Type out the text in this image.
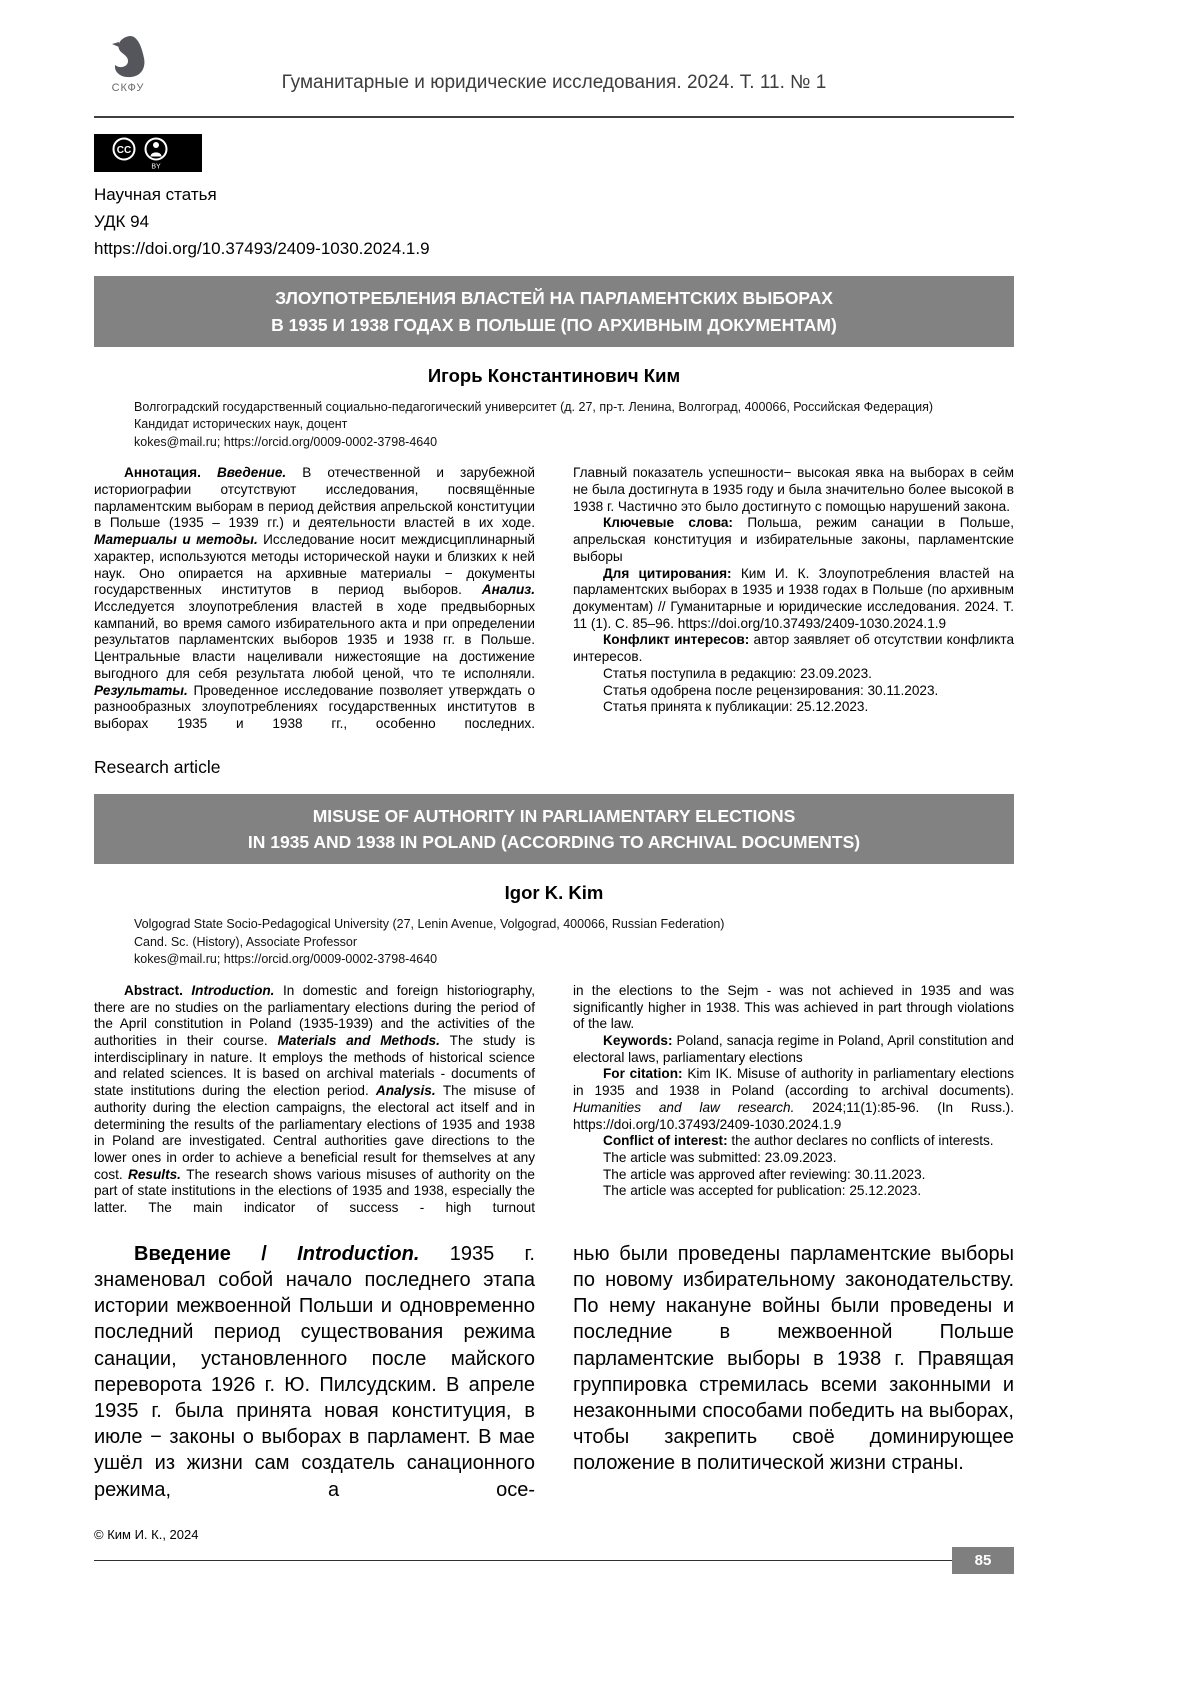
СКФУ	Гуманитарные и юридические исследования. 2024. Т. 11. № 1
CC
BY
Научная статья
УДК 94
https://doi.org/10.37493/2409-1030.2024.1.9
ЗЛОУПОТРЕБЛЕНИЯ ВЛАСТЕЙ НА ПАРЛАМЕНТСКИХ ВЫБОРАХ
В 1935 И 1938 ГОДАХ В ПОЛЬШЕ (ПО АРХИВНЫМ ДОКУМЕНТАМ)
Игорь Константинович Ким
Волгоградский государственный социально-педагогический университет (д. 27, пр-т. Ленина, Волгоград, 400066, Российская Федерация)
Кандидат исторических наук, доцент
kokes@mail.ru; https://orcid.org/0009-0002-3798-4640

Аннотация. Введение. В отечественной и зарубежной историографии отсутствуют исследования, посвящённые парламентским выборам в период действия апрельской конституции в Польше (1935 – 1939 гг.) и деятельности властей в их ходе. Материалы и методы. Исследование носит междисциплинарный характер, используются методы исторической науки и близких к ней наук. Оно опирается на архивные материалы − документы государственных институтов в период выборов. Анализ. Исследуется злоупотребления властей в ходе предвыборных кампаний, во время самого избирательного акта и при определении результатов парламентских выборов 1935 и 1938 гг. в Польше. Центральные власти нацеливали нижестоящие на достижение выгодного для себя результата любой ценой, что те исполняли. Результаты. Проведенное исследование позволяет утверждать о разнообразных злоупотреблениях государственных институтов в выборах 1935 и 1938 гг., особенно последних.

Главный показатель успешности− высокая явка на выборах в сейм не была достигнута в 1935 году и была значительно более высокой в 1938 г. Частично это было достигнуто с помощью нарушений закона.

Ключевые слова: Польша, режим санации в Польше, апрельская конституция и избирательные законы, парламентские выборы

Для цитирования: Ким И. К. Злоупотребления властей на парламентских выборах в 1935 и 1938 годах в Польше (по архивным документам) // Гуманитарные и юридические исследования. 2024. Т. 11 (1). С. 85–96. https://doi.org/10.37493/2409-1030.2024.1.9

Конфликт интересов: автор заявляет об отсутствии конфликта интересов.

Статья поступила в редакцию: 23.09.2023.

Статья одобрена после рецензирования: 30.11.2023.

Статья принята к публикации: 25.12.2023.

Research article
MISUSE OF AUTHORITY IN PARLIAMENTARY ELECTIONS
IN 1935 AND 1938 IN POLAND (ACCORDING TO ARCHIVAL DOCUMENTS)
Igor K. Kim
Volgograd State Socio-Pedagogical University (27, Lenin Avenue, Volgograd, 400066, Russian Federation)
Cand. Sc. (History), Associate Professor
kokes@mail.ru; https://orcid.org/0009-0002-3798-4640

Abstract. Introduction. In domestic and foreign historiography, there are no studies on the parliamentary elections during the period of the April constitution in Poland (1935-1939) and the activities of the authorities in their course. Materials and Methods. The study is interdisciplinary in nature. It employs the methods of historical science and related sciences. It is based on archival materials - documents of state institutions during the election period. Analysis. The misuse of authority during the election campaigns, the electoral act itself and in determining the results of the parliamentary elections of 1935 and 1938 in Poland are investigated. Central authorities gave directions to the lower ones in order to achieve a beneficial result for themselves at any cost. Results. The research shows various misuses of authority on the part of state institutions in the elections of 1935 and 1938, especially the latter. The main indicator of success - high turnout

in the elections to the Sejm - was not achieved in 1935 and was significantly higher in 1938. This was achieved in part through violations of the law.

Keywords: Poland, sanacja regime in Poland, April constitution and electoral laws, parliamentary elections

For citation: Kim IK. Misuse of authority in parliamentary elections in 1935 and 1938 in Poland (according to archival documents). Humanities and law research. 2024;11(1):85-96. (In Russ.). https://doi.org/10.37493/2409-1030.2024.1.9

Conflict of interest: the author declares no conflicts of interests.

The article was submitted: 23.09.2023.

The article was approved after reviewing: 30.11.2023.

The article was accepted for publication: 25.12.2023.

Введение / Introduction. 1935 г. знаменовал собой начало последнего этапа истории межвоенной Польши и одновременно последний период существования режима санации, установленного после майского переворота 1926 г. Ю. Пилсудским. В апреле 1935 г. была принята новая конституция, в июле − законы о выборах в парламент. В мае ушёл из жизни сам создатель санационного режима, а осе-

нью были проведены парламентские выборы по новому избирательному законодательству. По нему накануне войны были проведены и последние в межвоенной Польше парламентские выборы в 1938 г. Правящая группировка стремилась всеми законными и незаконными способами победить на выборах, чтобы закрепить своё доминирующее положение в политической жизни страны.

© Ким И. К., 2024
85
